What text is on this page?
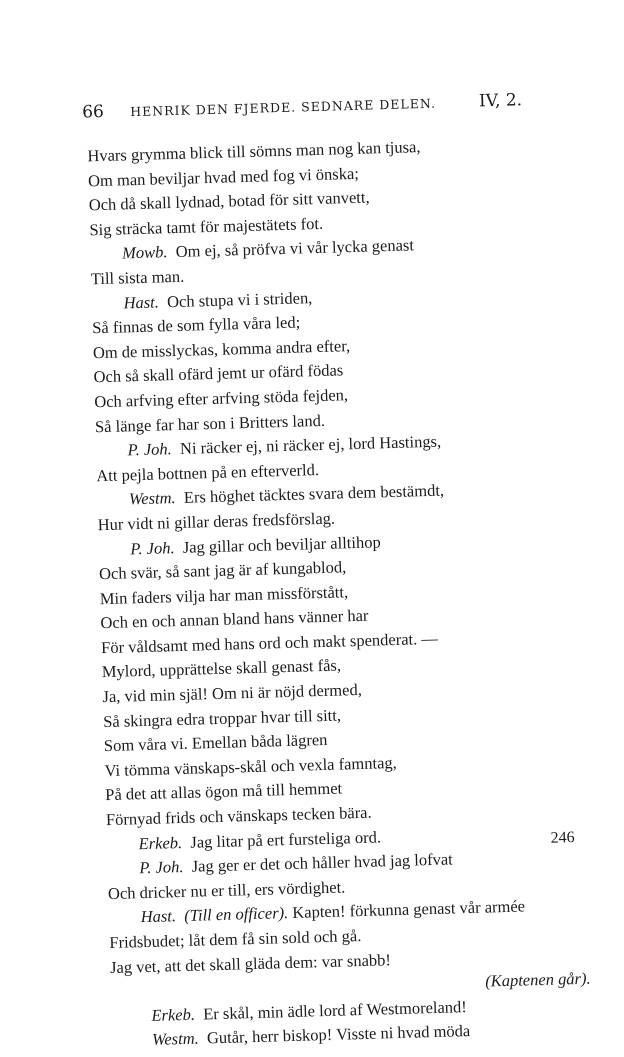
66 HENRIK DEN FJERDE. SEDNARE DELEN.	IV, 2.
Hvars grymma blick till sömns man nog kan tjusa,
Om man beviljar hvad med fog vi önska;
Och då skall lydnad, botad för sitt vanvett,
Sig sträcka tamt för majestätets fot.
Mowb. Om ej, så pröfva vi vår lycka genast
Till sista man.
Hast. Och stupa vi i striden,
Så finnas de som fylla våra led;
Om de misslyckas, komma andra efter,
Och så skall ofärd jemt ur ofärd födas
Och arfving efter arfving stöda fejden,
Så länge far har son i Britters land.
P. Joh. Ni räcker ej, ni räcker ej, lord Hastings,
Att pejla bottnen på en efterverld.
Westm. Ers höghet täcktes svara dem bestämdt,
Hur vidt ni gillar deras fredsförslag.
P. Joh. Jag gillar och beviljar alltihop
Och svär, så sant jag är af kungablod,
Min faders vilja har man missförstått,
Och en och annan bland hans vänner har
För våldsamt med hans ord och makt spenderat. —
Mylord, upprättelse skall genast fås,
Ja, vid min själ! Om ni är nöjd dermed,
Så skingra edra troppar hvar till sitt,
Som våra vi. Emellan båda lägren
Vi tömma vänskaps-skål och vexla famntag,
På det att allas ögon må till hemmet
Förnyad frids och vänskaps tecken bära.
Erkeb. Jag litar på ert fursteliga ord.
P. Joh. Jag ger er det och håller hvad jag lofvat
Och dricker nu er till, ers vördighet.
Hast. (Till en officer). Kapten! förkunna genast vår armée
Fridsbudet; låt dem få sin sold och gå.
Jag vet, att det skall gläda dem: var snabb!
(Kaptenen går).
Erkeb. Er skål, min ädle lord af Westmoreland!
Westm. Gutår, herr biskop! Visste ni hvad möda
246
